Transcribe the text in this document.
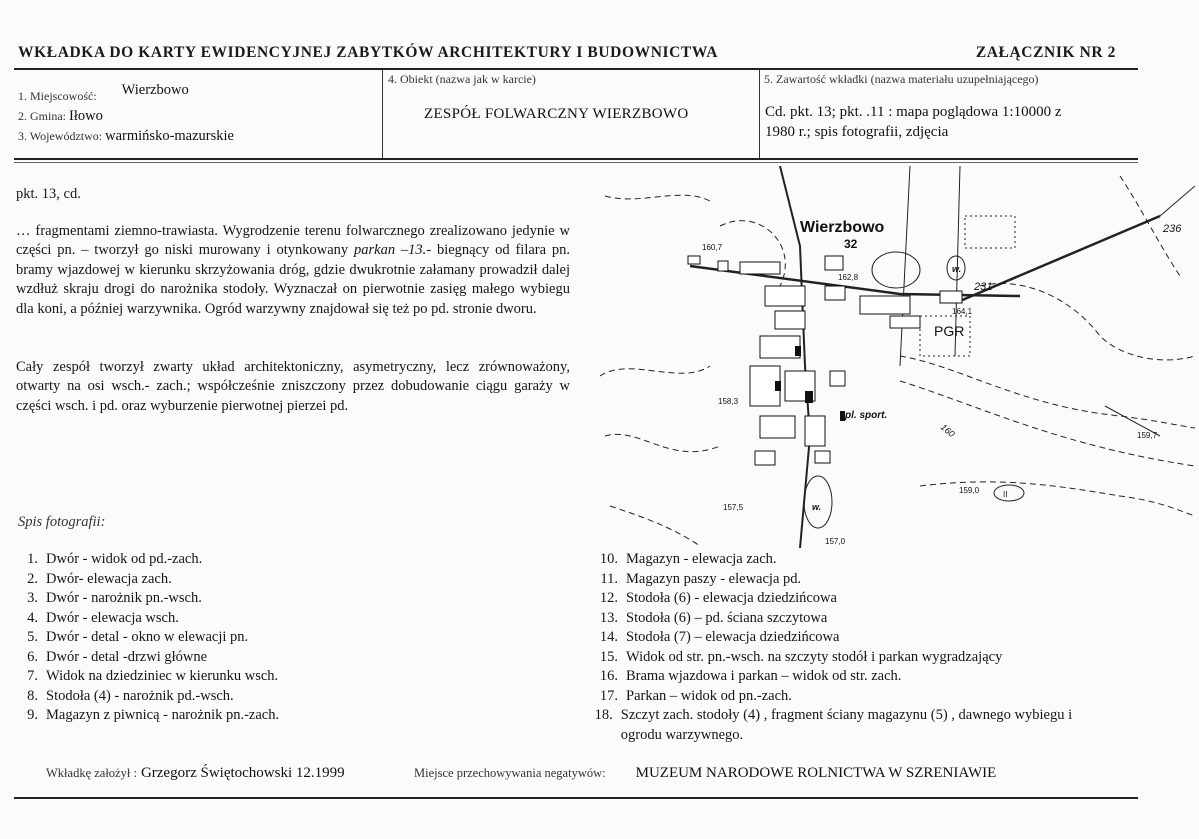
WKŁADKA DO KARTY EWIDENCYJNEJ ZABYTKÓW ARCHITEKTURY I BUDOWNICTWA	ZAŁĄCZNIK NR 2
1. Miejscowość: Wierzbowo
2. Gmina: Iłowo
3. Województwo: warmińsko-mazurskie
4. Obiekt (nazwa jak w karcie)
ZESPÓŁ FOLWARCZNY WIERZBOWO
5. Zawartość wkładki (nazwa materiału uzupełniającego)
Cd. pkt. 13; pkt. .11 : mapa poglądowa 1:10000 z
1980 r.; spis fotografii, zdjęcia
pkt. 13, cd.
… fragmentami ziemno-trawiasta. Wygrodzenie terenu folwarcznego zrealizowano jedynie w części pn. – tworzył go niski murowany i otynkowany parkan –13.- biegnący od filara pn. bramy wjazdowej w kierunku skrzyżowania dróg, gdzie dwukrotnie załamany prowadził dalej wzdłuż skraju drogi do narożnika stodoły. Wyznaczał on pierwotnie zasięg małego wybiegu dla koni, a później warzywnika. Ogród warzywny znajdował się też po pd. stronie dworu.
Cały zespół tworzył zwarty układ architektoniczny, asymetryczny, lecz zrównoważony, otwarty na osi wsch.- zach.; współcześnie zniszczony przez dobudowanie ciągu garaży w części wsch. i pd. oraz wyburzenie pierwotnej pierzei pd.
Spis fotografii:
1. Dwór - widok od pd.-zach.
2. Dwór- elewacja zach.
3. Dwór - narożnik pn.-wsch.
4. Dwór - elewacja wsch.
5. Dwór - detal - okno w elewacji pn.
6. Dwór - detal -drzwi główne
7. Widok na dziedziniec w kierunku wsch.
8. Stodoła (4) - narożnik pd.-wsch.
9. Magazyn z piwnicą - narożnik pn.-zach.
10. Magazyn - elewacja zach.
11. Magazyn paszy - elewacja pd.
12. Stodoła (6) - elewacja dziedzińcowa
13. Stodoła (6) – pd. ściana szczytowa
14. Stodoła (7) – elewacja dziedzińcowa
15. Widok od str. pn.-wsch. na szczyty stodół i parkan wygradzający
16. Brama wjazdowa i parkan – widok od str. zach.
17. Parkan – widok od pn.-zach.
18. Szczyt zach. stodoły (4) , fragment ściany magazynu (5) , dawnego wybiegu i ogrodu warzywnego.
Wierzbowo
32
160,7
162,8
164,1
158,3
157,5
157,0
159,0
159,7
236
231
160
PGR
pl. sport.
w.
w.
II
Wkładkę założył : Grzegorz Świętochowski 12.1999	Miejsce przechowywania negatywów: MUZEUM NARODOWE ROLNICTWA W SZRENIAWIE
